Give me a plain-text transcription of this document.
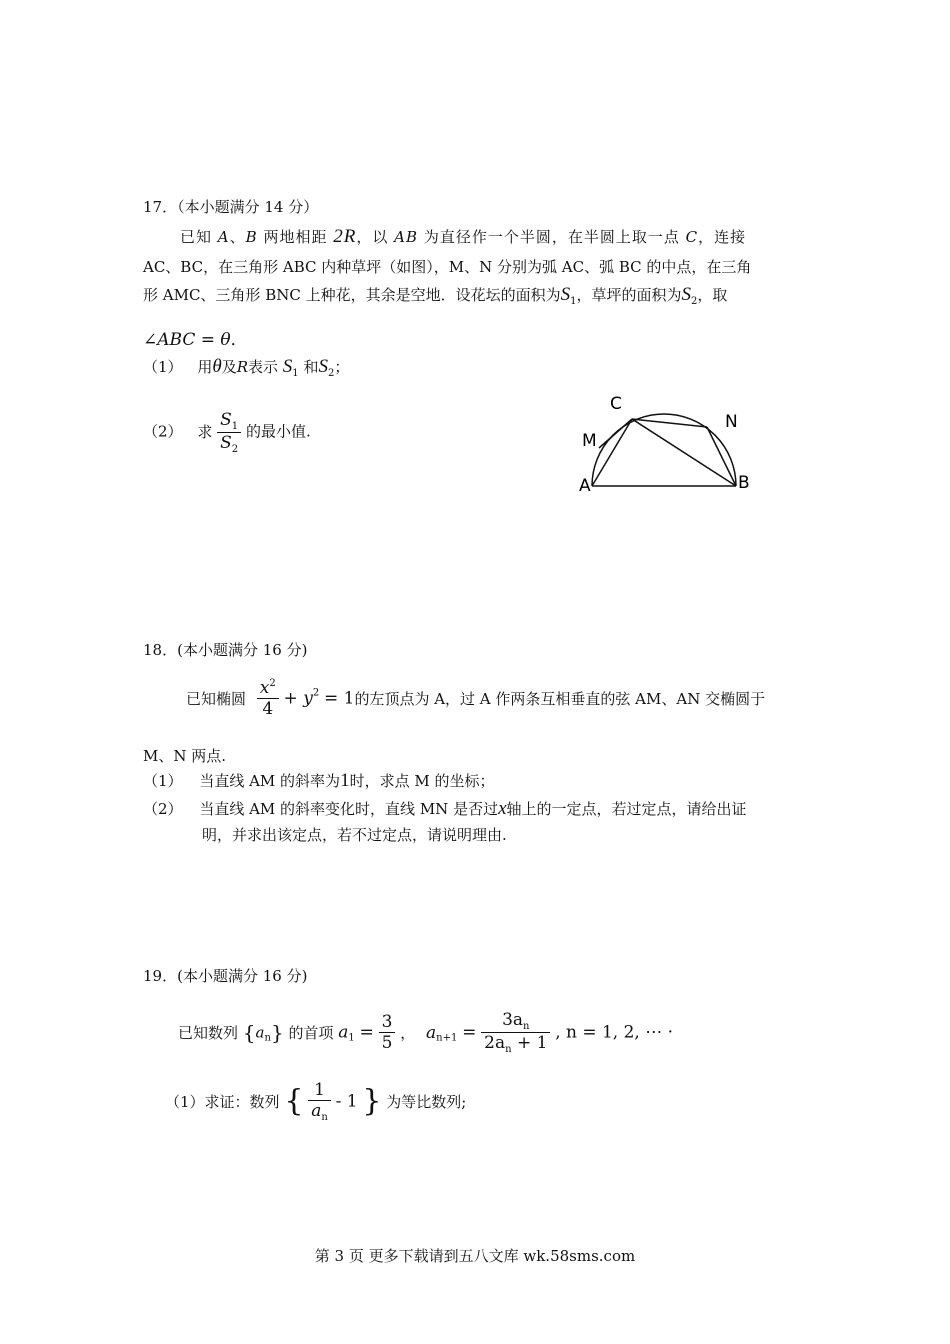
17．（本小题满分 14 分）
已知 A、B 两地相距 2R，以 AB 为直径作一个半圆，在半圆上取一点 C，连接
AC、BC，在三角形 ABC 内种草坪（如图），M、N 分别为弧 AC、弧 BC 的中点，在三角
形 AMC、三角形 BNC 上种花，其余是空地．设花坛的面积为$S_1$，草坪的面积为$S_2$，取
∠ABC = θ．
（1） 用θ及R表示 $S_1$ 和$S_2$；
（2） 求 $\frac{S_1}{S_2}$ 的最小值.
C
M
N
A	B
18．(本小题满分 16 分)
已知椭圆 $\frac{x^2}{4} + y^2 = 1$的左顶点为 A，过 A 作两条互相垂直的弦 AM、AN 交椭圆于
M、N 两点.
（1） 当直线 AM 的斜率为1时，求点 M 的坐标；
（2） 当直线 AM 的斜率变化时，直线 MN 是否过x轴上的一定点，若过定点，请给出证
明，并求出该定点，若不过定点，请说明理由.
19．(本小题满分 16 分)
已知数列 $\{a_n\}$ 的首项 $a_1 = \frac{3}{5}$ ， $a_{n+1} = \frac{3a_n}{2a_n + 1}$ , n = 1, 2, ⋯ ·
（1）求证：数列 { $\frac{1}{a_n} - 1$ } 为等比数列;
第 3 页 更多下载请到五八文库 wk.58sms.com
